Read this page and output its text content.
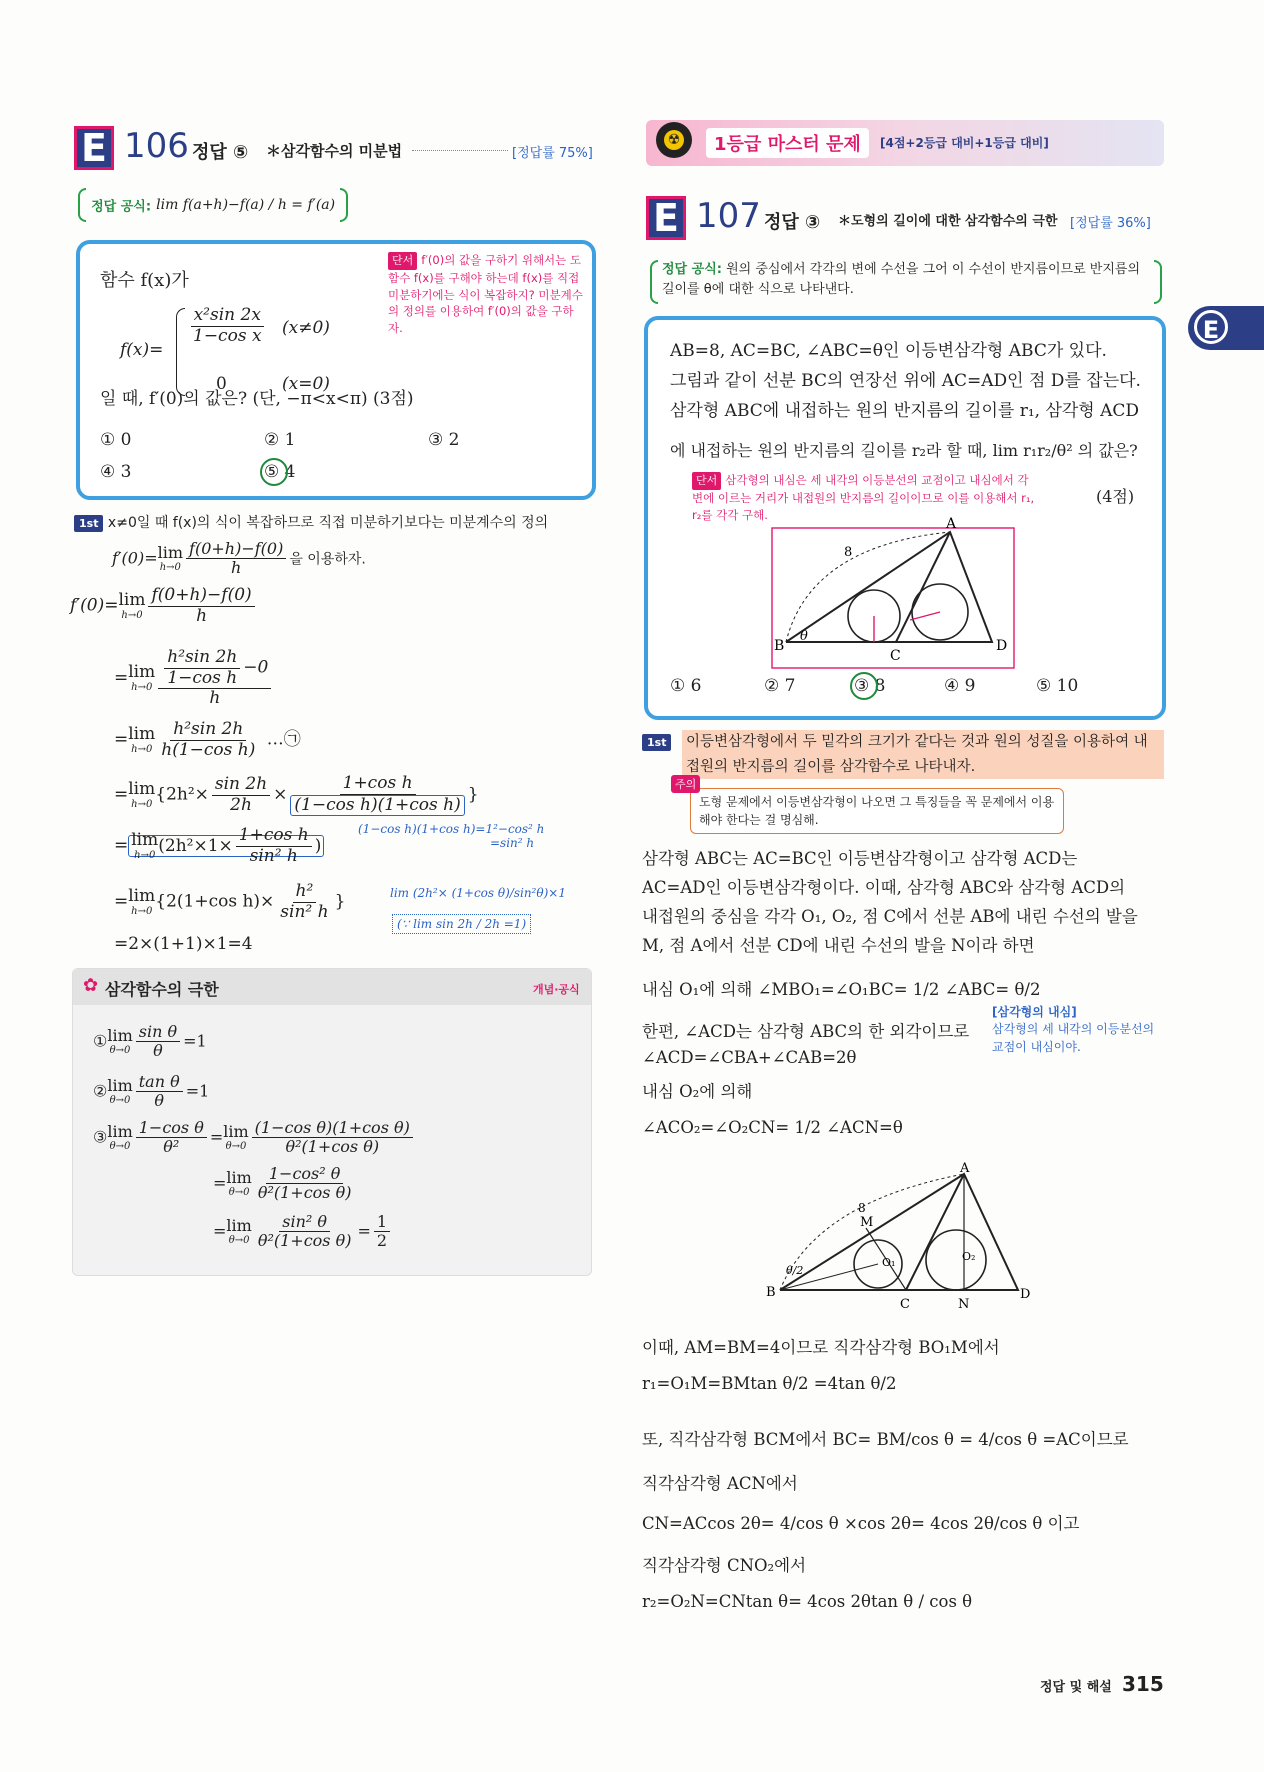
E 106 정답 ⑤ ＊삼각함수의 미분법	[정답률 75%]
정답 공식: lim f(a+h)−f(a) / h = f′(a)
함수 f(x)가
f(x)=
$\frac{\text{x²sin 2x}}{\text{1−cos x}} (x\ne 0)$
0	(x=0)
단서 f′(0)의 값을 구하기 위해서는 도함수 f(x)를 구해야 하는데 f(x)를 직접 미분하기에는 식이 복잡하지? 미분계수의 정의를 이용하여 f′(0)의 값을 구하자.
일 때, f′(0)의 값은? (단, −π<x<π) (3점)
① 0	② 1	③ 2
④ 3	⑤ 4
1st x≠0일 때 f(x)의 식이 복잡하므로 직접 미분하기보다는 미분계수의 정의
f′(0)=lim
$h\to 0 \frac{f(0+h)-f(0)}{h}$ 을 이용하자.
f′(0)=lim
$h\to 0 \frac{f(0+h)-f(0)}{h}$
=lim
$h\to 0 \frac{\frac{\text{h²sin 2h}}{\text{1−cos h}} -0}{h}$
=lim
$h\to 0 \frac{\text{h²sin 2h}}{\text{h(1−cos h)}}$ …㉠
=lim
h→0 {$2h^2\times \frac{\sin 2h}{2h} \times \frac{\text{1+cos h}}{\text{(1−cos h)(1+cos h)}}$ }
= lim
h→0 ($2h^2\times 1\times \frac{\text{1+cos h}}{\text{sin² h}}$ )
=lim
h→0 {2(1+cos $h)\times \frac{\text{h²}}{\text{sin² h}}$ }
=2×(1+1)×1=4
(1−cos h)(1+cos h)=1²−cos² h
=sin² h
lim (2h²× (1+cos θ)/sin²θ)×1
(∵ lim sin 2h / 2h =1)
✿ 삼각함수의 극한	개념·공식
①lim
$\theta\to 0 \frac{\text{sin θ}}{\theta} =1$
②lim
$\theta\to 0 \frac{\text{tan θ}}{\theta} =1$
③lim
$\theta\to 0 \frac{\text{1−cos θ}}{\text{θ²}} =\lim$
$\theta\to 0 \frac{\text{(1−cos θ)(1+cos θ)}}{\text{θ²(1+cos θ)}}$
=lim
$\theta\to 0 \frac{\text{1−cos² θ}}{\text{θ²(1+cos θ)}}$
=lim
$\theta\to 0 \frac{\text{sin² θ}}{\text{θ²(1+cos θ)}} = \frac{1}{2}$
☢	1등급 마스터 문제	[4점+2등급 대비+1등급 대비]
E 107 정답 ③ ＊도형의 길이에 대한 삼각함수의 극한 [정답률 36%]
정답 공식: 원의 중심에서 각각의 변에 수선을 그어 이 수선이 반지름이므로 반지름의 길이를 θ에 대한 식으로 나타낸다.
AB=8, AC=BC, ∠ABC=θ인 이등변삼각형 ABC가 있다.
그림과 같이 선분 BC의 연장선 위에 AC=AD인 점 D를 잡는다.
삼각형 ABC에 내접하는 원의 반지름의 길이를 r₁, 삼각형 ACD
에 내접하는 원의 반지름의 길이를 r₂라 할 때, lim r₁r₂/θ² 의 값은?
단서 삼각형의 내심은 세 내각의 이등분선의 교점이고 내심에서 각 변에 이르는 거리가 내접원의 반지름의 길이이므로 이를 이용해서 r₁, r₂를 각각 구해.
(4점)
A
B
C
D
8
θ
① 6	② 7	③ 8	④ 9	⑤ 10
1st	이등변삼각형에서 두 밑각의 크기가 같다는 것과 원의 성질을 이용하여 내접원의 반지름의 길이를 삼각함수로 나타내자.
주의
도형 문제에서 이등변삼각형이 나오면 그 특징들을 꼭 문제에서 이용해야 한다는 걸 명심해.
삼각형 ABC는 AC=BC인 이등변삼각형이고 삼각형 ACD는
AC=AD인 이등변삼각형이다. 이때, 삼각형 ABC와 삼각형 ACD의
내접원의 중심을 각각 O₁, O₂, 점 C에서 선분 AB에 내린 수선의 발을
M, 점 A에서 선분 CD에 내린 수선의 발을 N이라 하면
내심 O₁에 의해 ∠MBO₁=∠O₁BC= 1/2 ∠ABC= θ/2
[삼각형의 내심]
삼각형의 세 내각의 이등분선의 교점이 내심이야.
한편, ∠ACD는 삼각형 ABC의 한 외각이므로
∠ACD=∠CBA+∠CAB=2θ
내심 O₂에 의해
∠ACO₂=∠O₂CN= 1/2 ∠ACN=θ
A
B
C	N
D
M
O₁	O₂
8
θ/2
이때, AM=BM=4이므로 직각삼각형 BO₁M에서
r₁=O₁M=BMtan θ/2 =4tan θ/2
또, 직각삼각형 BCM에서 BC= BM/cos θ = 4/cos θ =AC이므로
직각삼각형 ACN에서
CN=ACcos 2θ= 4/cos θ ×cos 2θ= 4cos 2θ/cos θ 이고
직각삼각형 CNO₂에서
r₂=O₂N=CNtan θ= 4cos 2θtan θ / cos θ
E
정답 및 해설 315
